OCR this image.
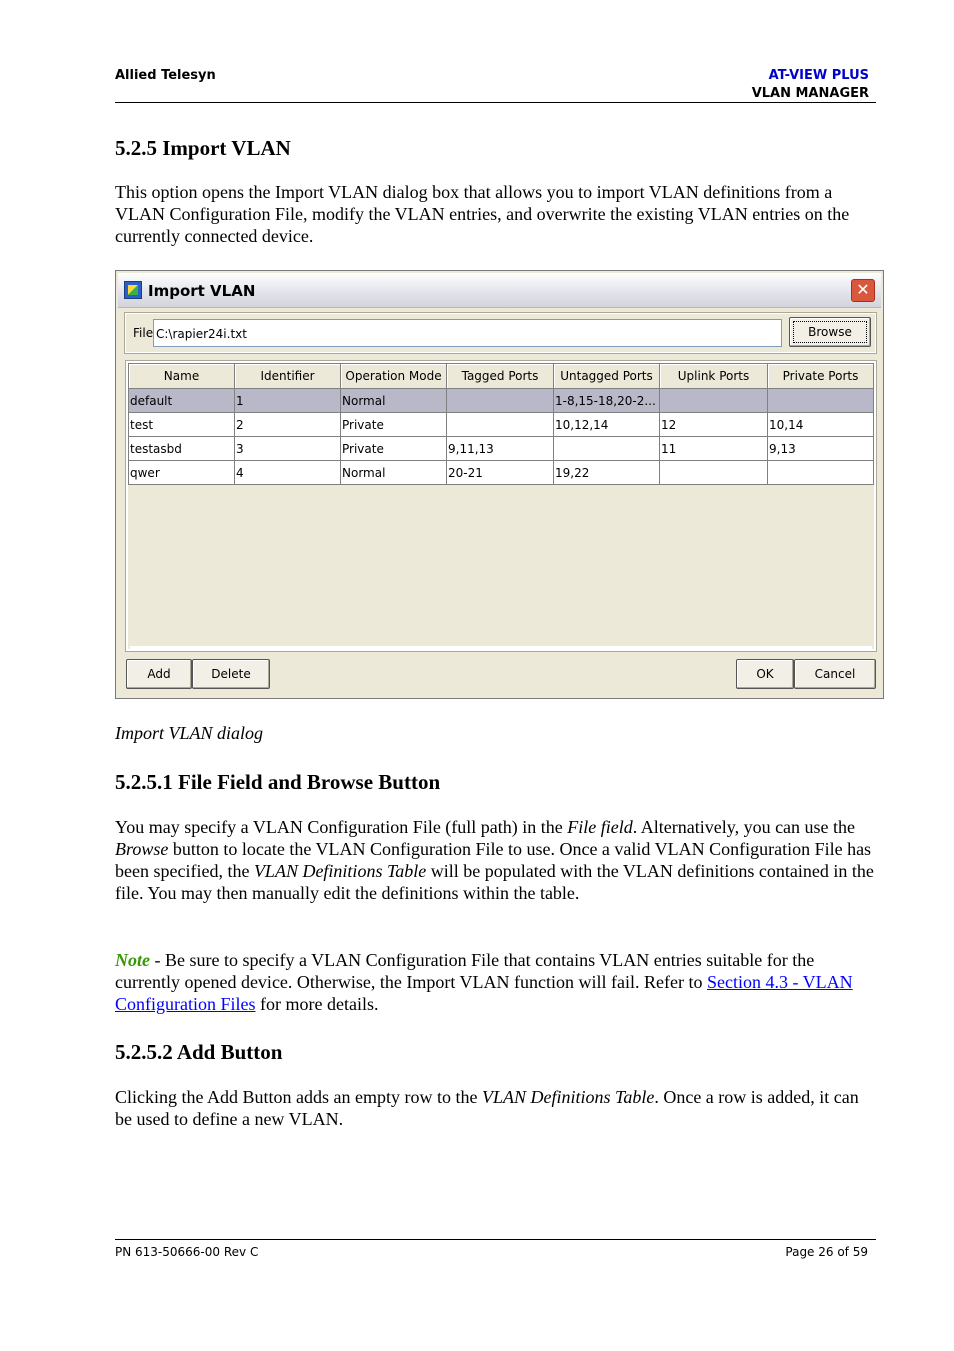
Allied Telesyn	AT-VIEW PLUS
VLAN MANAGER
5.2.5 Import VLAN

This option opens the Import VLAN dialog box that allows you to import VLAN definitions from a VLAN Configuration File, modify the VLAN entries, and overwrite the existing VLAN entries on the currently connected device.

Import VLAN	✕
File C:\rapier24i.txt	Browse
Name	Identifier	Operation Mode	Tagged Ports	Untagged Ports	Uplink Ports	Private Ports
default	1	Normal		1-8,15-18,20-2...		
test	2	Private		10,12,14	12	10,14
testasbd	3	Private	9,11,13		11	9,13
qwer	4	Normal	20-21	19,22		
Add	Delete	OK	Cancel
Import VLAN dialog
5.2.5.1 File Field and Browse Button

You may specify a VLAN Configuration File (full path) in the File field. Alternatively, you can use the Browse button to locate the VLAN Configuration File to use. Once a valid VLAN Configuration File has been specified, the VLAN Definitions Table will be populated with the VLAN definitions contained in the file. You may then manually edit the definitions within the table.

Note - Be sure to specify a VLAN Configuration File that contains VLAN entries suitable for the currently opened device. Otherwise, the Import VLAN function will fail. Refer to Section 4.3 - VLAN Configuration Files for more details.

5.2.5.2 Add Button

Clicking the Add Button adds an empty row to the VLAN Definitions Table. Once a row is added, it can be used to define a new VLAN.

PN 613-50666-00 Rev C	Page 26 of 59
